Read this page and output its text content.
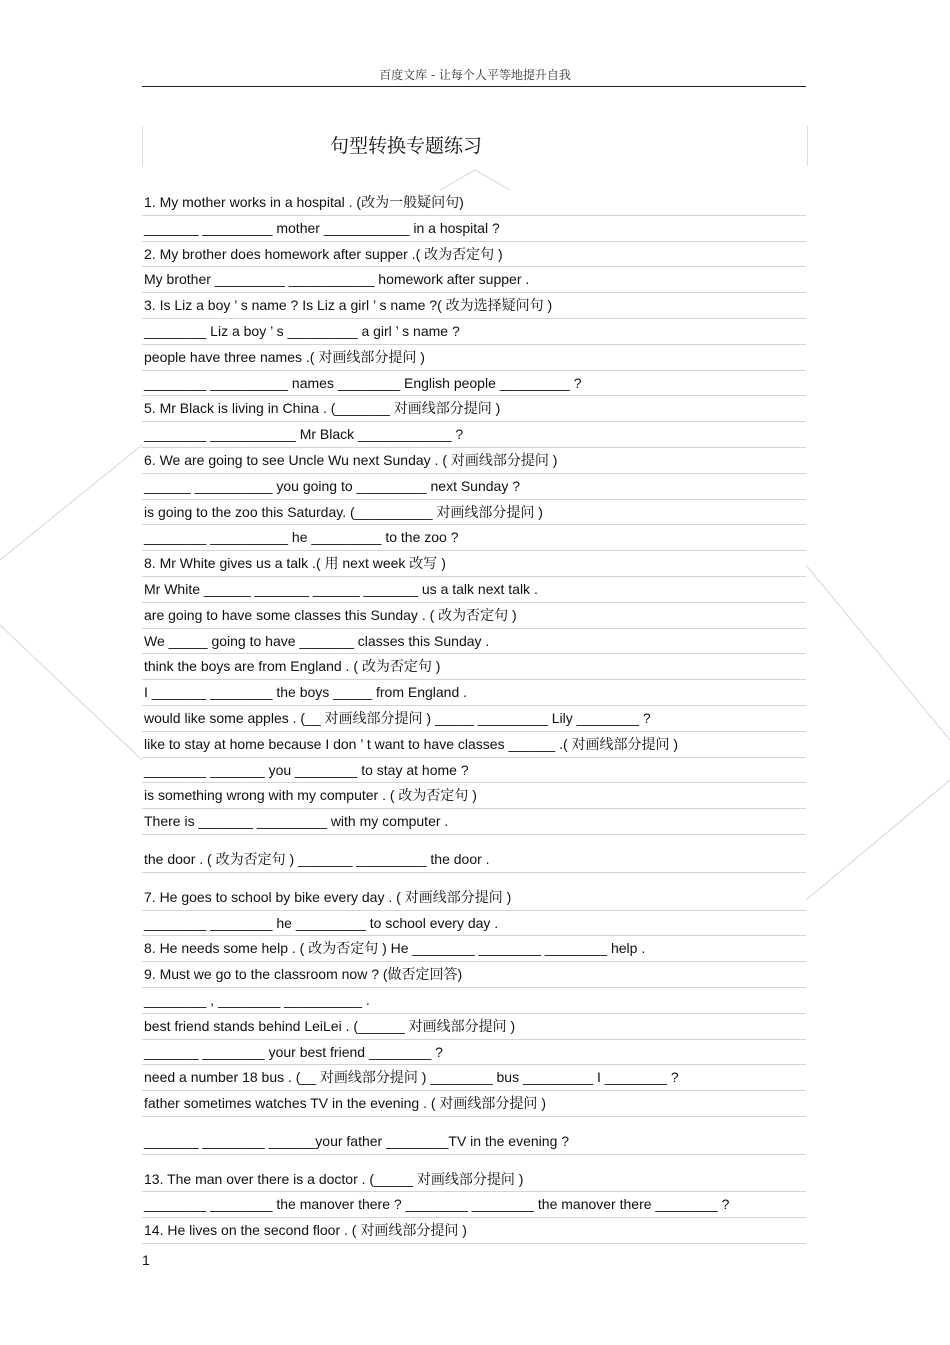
百度文库 - 让每个人平等地提升自我
句型转换专题练习
1. My mother works in a hospital . (改为一般疑问句)
_______ _________ mother ___________ in a hospital ?
2. My brother does homework after supper .( 改为否定句 )
My brother _________ ___________ homework after supper .
3. Is Liz a boy ’ s name ? Is Liz a girl ’ s name ?( 改为选择疑问句 )
________ Liz a boy ’ s _________ a girl ’ s name ?
people have three names .( 对画线部分提问 )
________ __________ names ________ English people _________ ?
5. Mr Black is living in China . (_______ 对画线部分提问 )
________ ___________ Mr Black ____________ ?
6. We are going to see Uncle Wu next Sunday . ( 对画线部分提问 )
______ __________ you going to _________ next Sunday ?
is going to the zoo this Saturday. (__________ 对画线部分提问 )
________ __________ he _________ to the zoo ?
8. Mr White gives us a talk .( 用 next week 改写 )
Mr White ______ _______ ______ _______ us a talk next talk .
are going to have some classes this Sunday . ( 改为否定句 )
We _____ going to have _______ classes this Sunday .
think the boys are from England . ( 改为否定句 )
I _______ ________ the boys _____ from England .
would like some apples . (__ 对画线部分提问 ) _____ _________ Lily ________ ?
like to stay at home because I don ’ t want to have classes ______ .( 对画线部分提问 )
________ _______ you ________ to stay at home ?
is something wrong with my computer . ( 改为否定句 )
There is _______ _________ with my computer .
the door . ( 改为否定句 ) _______ _________ the door .
7. He goes to school by bike every day . ( 对画线部分提问 )
________ ________ he _________ to school every day .
8. He needs some help . ( 改为否定句 ) He ________ ________ ________ help .
9. Must we go to the classroom now ? (做否定回答)
________ , ________ __________ .
best friend stands behind LeiLei . (______ 对画线部分提问 )
_______ ________ your best friend ________ ?
need a number 18 bus . (__ 对画线部分提问 ) ________ bus _________ I ________ ?
father sometimes watches TV in the evening . ( 对画线部分提问 )
_______ ________ ______your father ________TV in the evening ?
13. The man over there is a doctor . (_____ 对画线部分提问 )
________ ________ the manover there ? ________ ________ the manover there ________ ?
14. He lives on the second floor . ( 对画线部分提问 )
1
